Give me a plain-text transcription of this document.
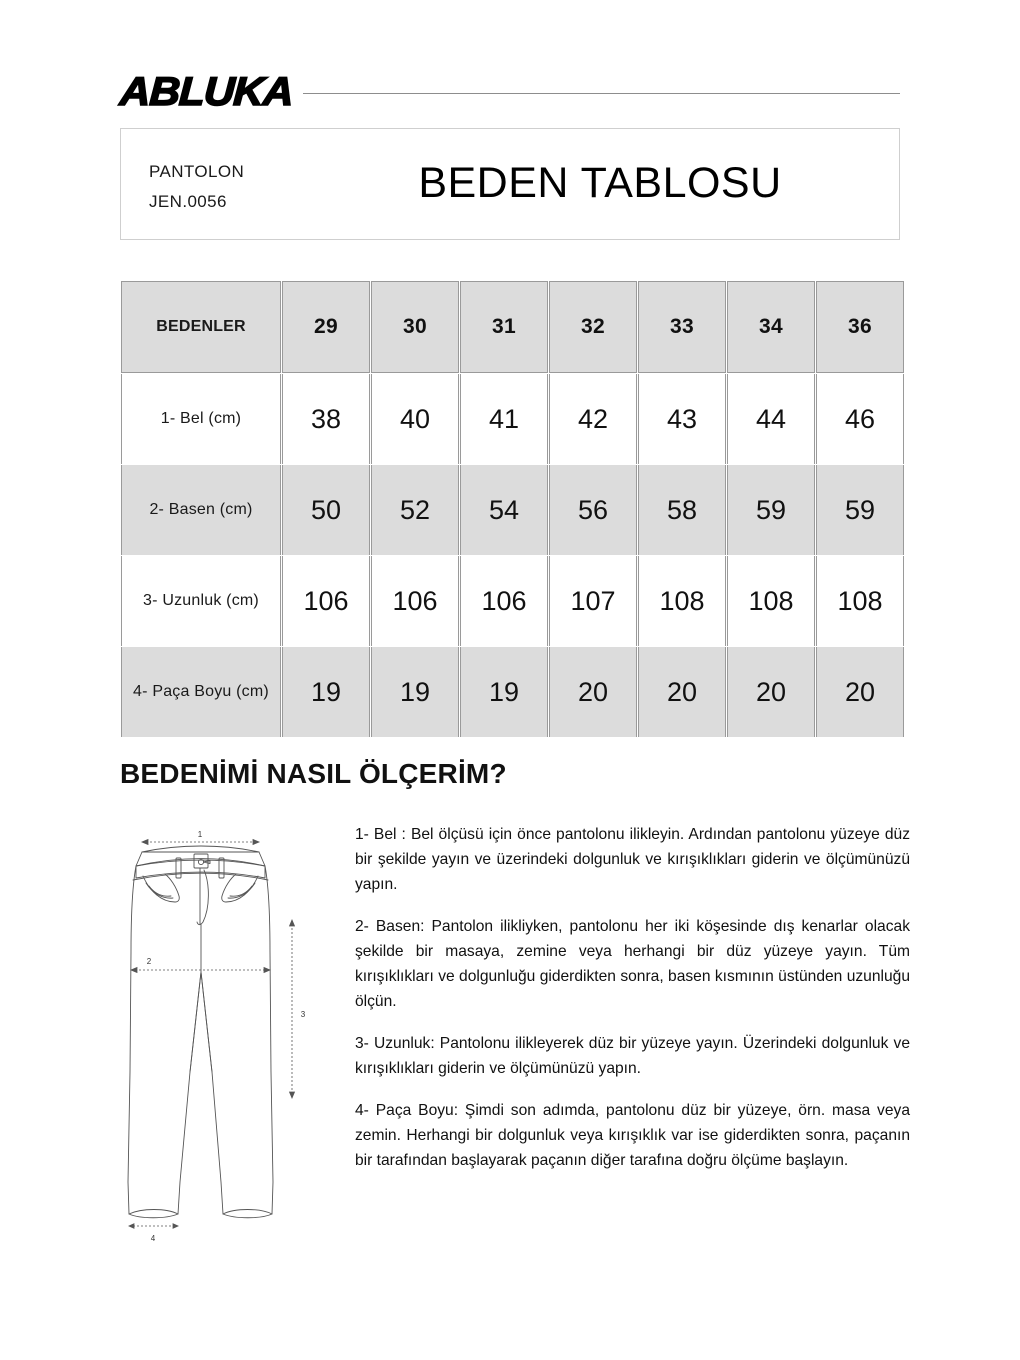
ABLUKA
PANTOLON
JEN.0056	BEDEN TABLOSU
BEDENLER	29	30	31	32	33	34	36
1- Bel (cm)	38	40	41	42	43	44	46
2- Basen (cm)	50	52	54	56	58	59	59
3- Uzunluk (cm)	106	106	106	107	108	108	108
4- Paça Boyu (cm)	19	19	19	20	20	20	20
BEDENİMİ NASIL ÖLÇERİM?
1
2
3
4

1- Bel : Bel ölçüsü için önce pantolonu ilikleyin. Ardından pantolonu yüzeye düz bir şekilde yayın ve üzerindeki dolgunluk ve kırışıklıkları giderin ve ölçümünüzü yapın.

2- Basen: Pantolon ilikliyken, pantolonu her iki köşesinde dış kenarlar olacak şekilde bir masaya, zemine veya herhangi bir düz yüzeye yayın. Tüm kırışıklıkları ve dolgunluğu giderdikten sonra, basen kısmının üstünden uzunluğu ölçün.

3- Uzunluk: Pantolonu ilikleyerek düz bir yüzeye yayın. Üzerindeki dolgunluk ve kırışıklıkları giderin ve ölçümünüzü yapın.

4- Paça Boyu: Şimdi son adımda, pantolonu düz bir yüzeye, örn. masa veya zemin. Herhangi bir dolgunluk veya kırışıklık var ise giderdikten sonra, paçanın bir tarafından başlayarak paçanın diğer tarafına doğru ölçüme başlayın.
